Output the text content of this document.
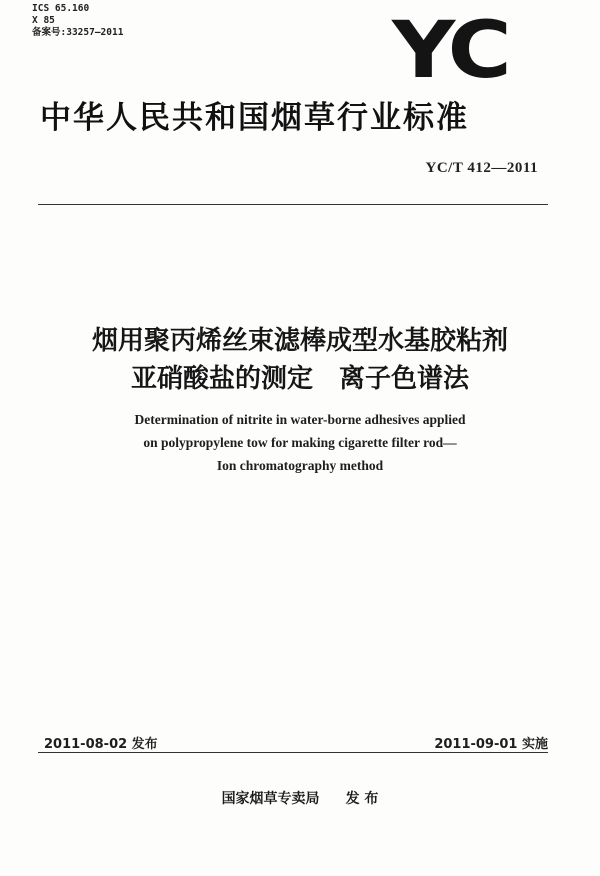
ICS 65.160
X 85
备案号:33257—2011	YC
中华人民共和国烟草行业标准
YC/T 412—2011
烟用聚丙烯丝束滤棒成型水基胶粘剂
亚硝酸盐的测定　离子色谱法
Determination of nitrite in water-borne adhesives applied
on polypropylene tow for making cigarette filter rod—
Ion chromatography method
2011-08-02 发布	2011-09-01 实施
国家烟草专卖局 发 布
